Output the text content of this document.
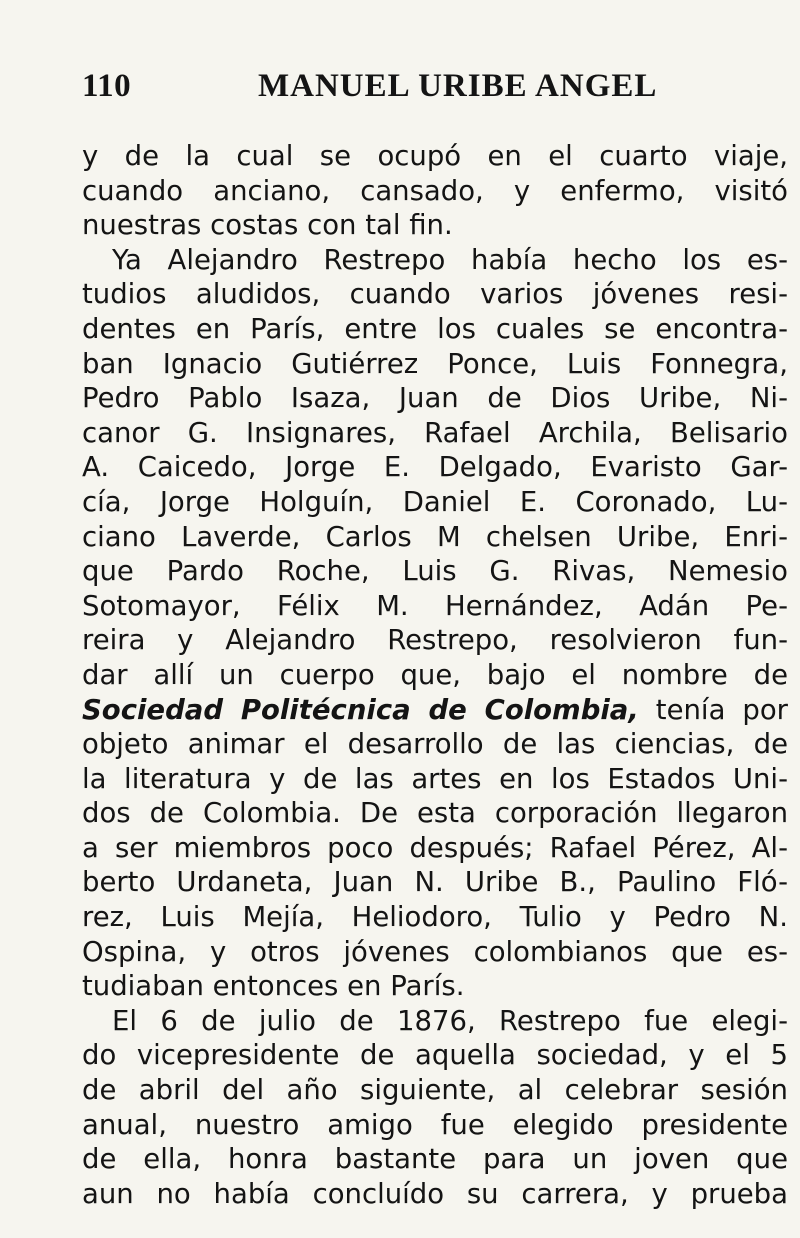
110	MANUEL URIBE ANGEL
y de la cual se ocupó en el cuarto viaje,
cuando anciano, cansado, y enfermo, visitó
nuestras costas con tal fin.
Ya Alejandro Restrepo había hecho los es-
tudios aludidos, cuando varios jóvenes resi-
dentes en París, entre los cuales se encontra-
ban Ignacio Gutiérrez Ponce, Luis Fonnegra,
Pedro Pablo Isaza, Juan de Dios Uribe, Ni-
canor G. Insignares, Rafael Archila, Belisario
A. Caicedo, Jorge E. Delgado, Evaristo Gar-
cía, Jorge Holguín, Daniel E. Coronado, Lu-
ciano Laverde, Carlos M chelsen Uribe, Enri-
que Pardo Roche, Luis G. Rivas, Nemesio
Sotomayor, Félix M. Hernández, Adán Pe-
reira y Alejandro Restrepo, resolvieron fun-
dar allí un cuerpo que, bajo el nombre de
Sociedad Politécnica de Colombia, tenía por
objeto animar el desarrollo de las ciencias, de
la literatura y de las artes en los Estados Uni-
dos de Colombia. De esta corporación llegaron
a ser miembros poco después; Rafael Pérez, Al-
berto Urdaneta, Juan N. Uribe B., Paulino Fló-
rez, Luis Mejía, Heliodoro, Tulio y Pedro N.
Ospina, y otros jóvenes colombianos que es-
tudiaban entonces en París.
El 6 de julio de 1876, Restrepo fue elegi-
do vicepresidente de aquella sociedad, y el 5
de abril del año siguiente, al celebrar sesión
anual, nuestro amigo fue elegido presidente
de ella, honra bastante para un joven que
aun no había concluído su carrera, y prueba
